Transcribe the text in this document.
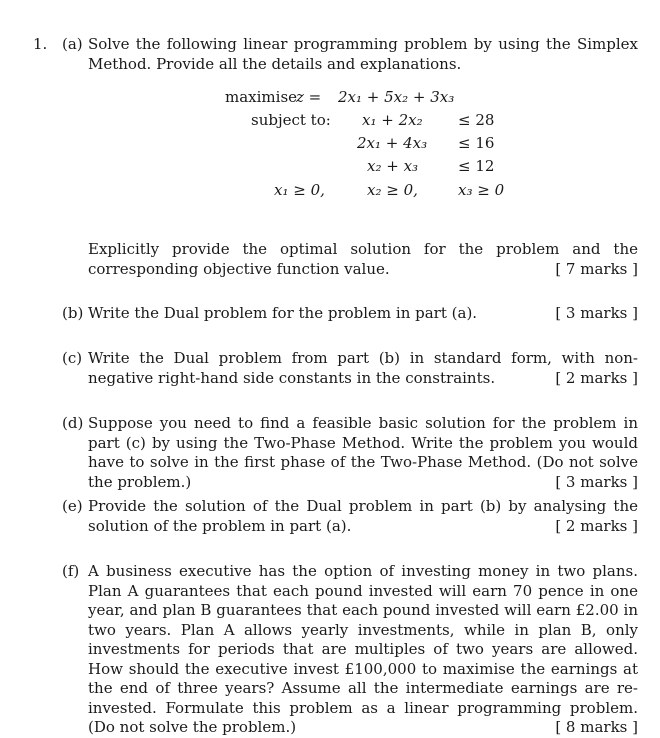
1. (a) Solve the following linear programming problem by using the Simplex Method. Provide all the details and explanations.
maximise
z = 2x₁ + 5x₂ + 3x₃
subject to: x₁ + 2x₂ ≤ 28
2x₁ + 4x₃ ≤ 16
x₂ + x₃	≤ 12
x₁ ≥ 0,	x₂ ≥ 0,	x₃ ≥ 0
Explicitly provide the optimal solution for the problem and the corresponding objective function value.	[ 7 marks ]
(b) Write the Dual problem for the problem in part (a).	[ 3 marks ]
(c) Write the Dual problem from part (b) in standard form, with non-negative right-hand side constants in the constraints.	[ 2 marks ]
(d) Suppose you need to find a feasible basic solution for the problem in part (c) by using the Two-Phase Method. Write the problem you would have to solve in the first phase of the Two-Phase Method. (Do not solve the problem.)	[ 3 marks ]
(e) Provide the solution of the Dual problem in part (b) by analysing the solution of the problem in part (a).	[ 2 marks ]
(f) A business executive has the option of investing money in two plans. Plan A guarantees that each pound invested will earn 70 pence in one year, and plan B guarantees that each pound invested will earn £2.00 in two years. Plan A allows yearly investments, while in plan B, only investments for periods that are multiples of two years are allowed. How should the executive invest £100,000 to maximise the earnings at the end of three years? Assume all the intermediate earnings are re-invested. Formulate this problem as a linear programming problem. (Do not solve the problem.)	[ 8 marks ]
